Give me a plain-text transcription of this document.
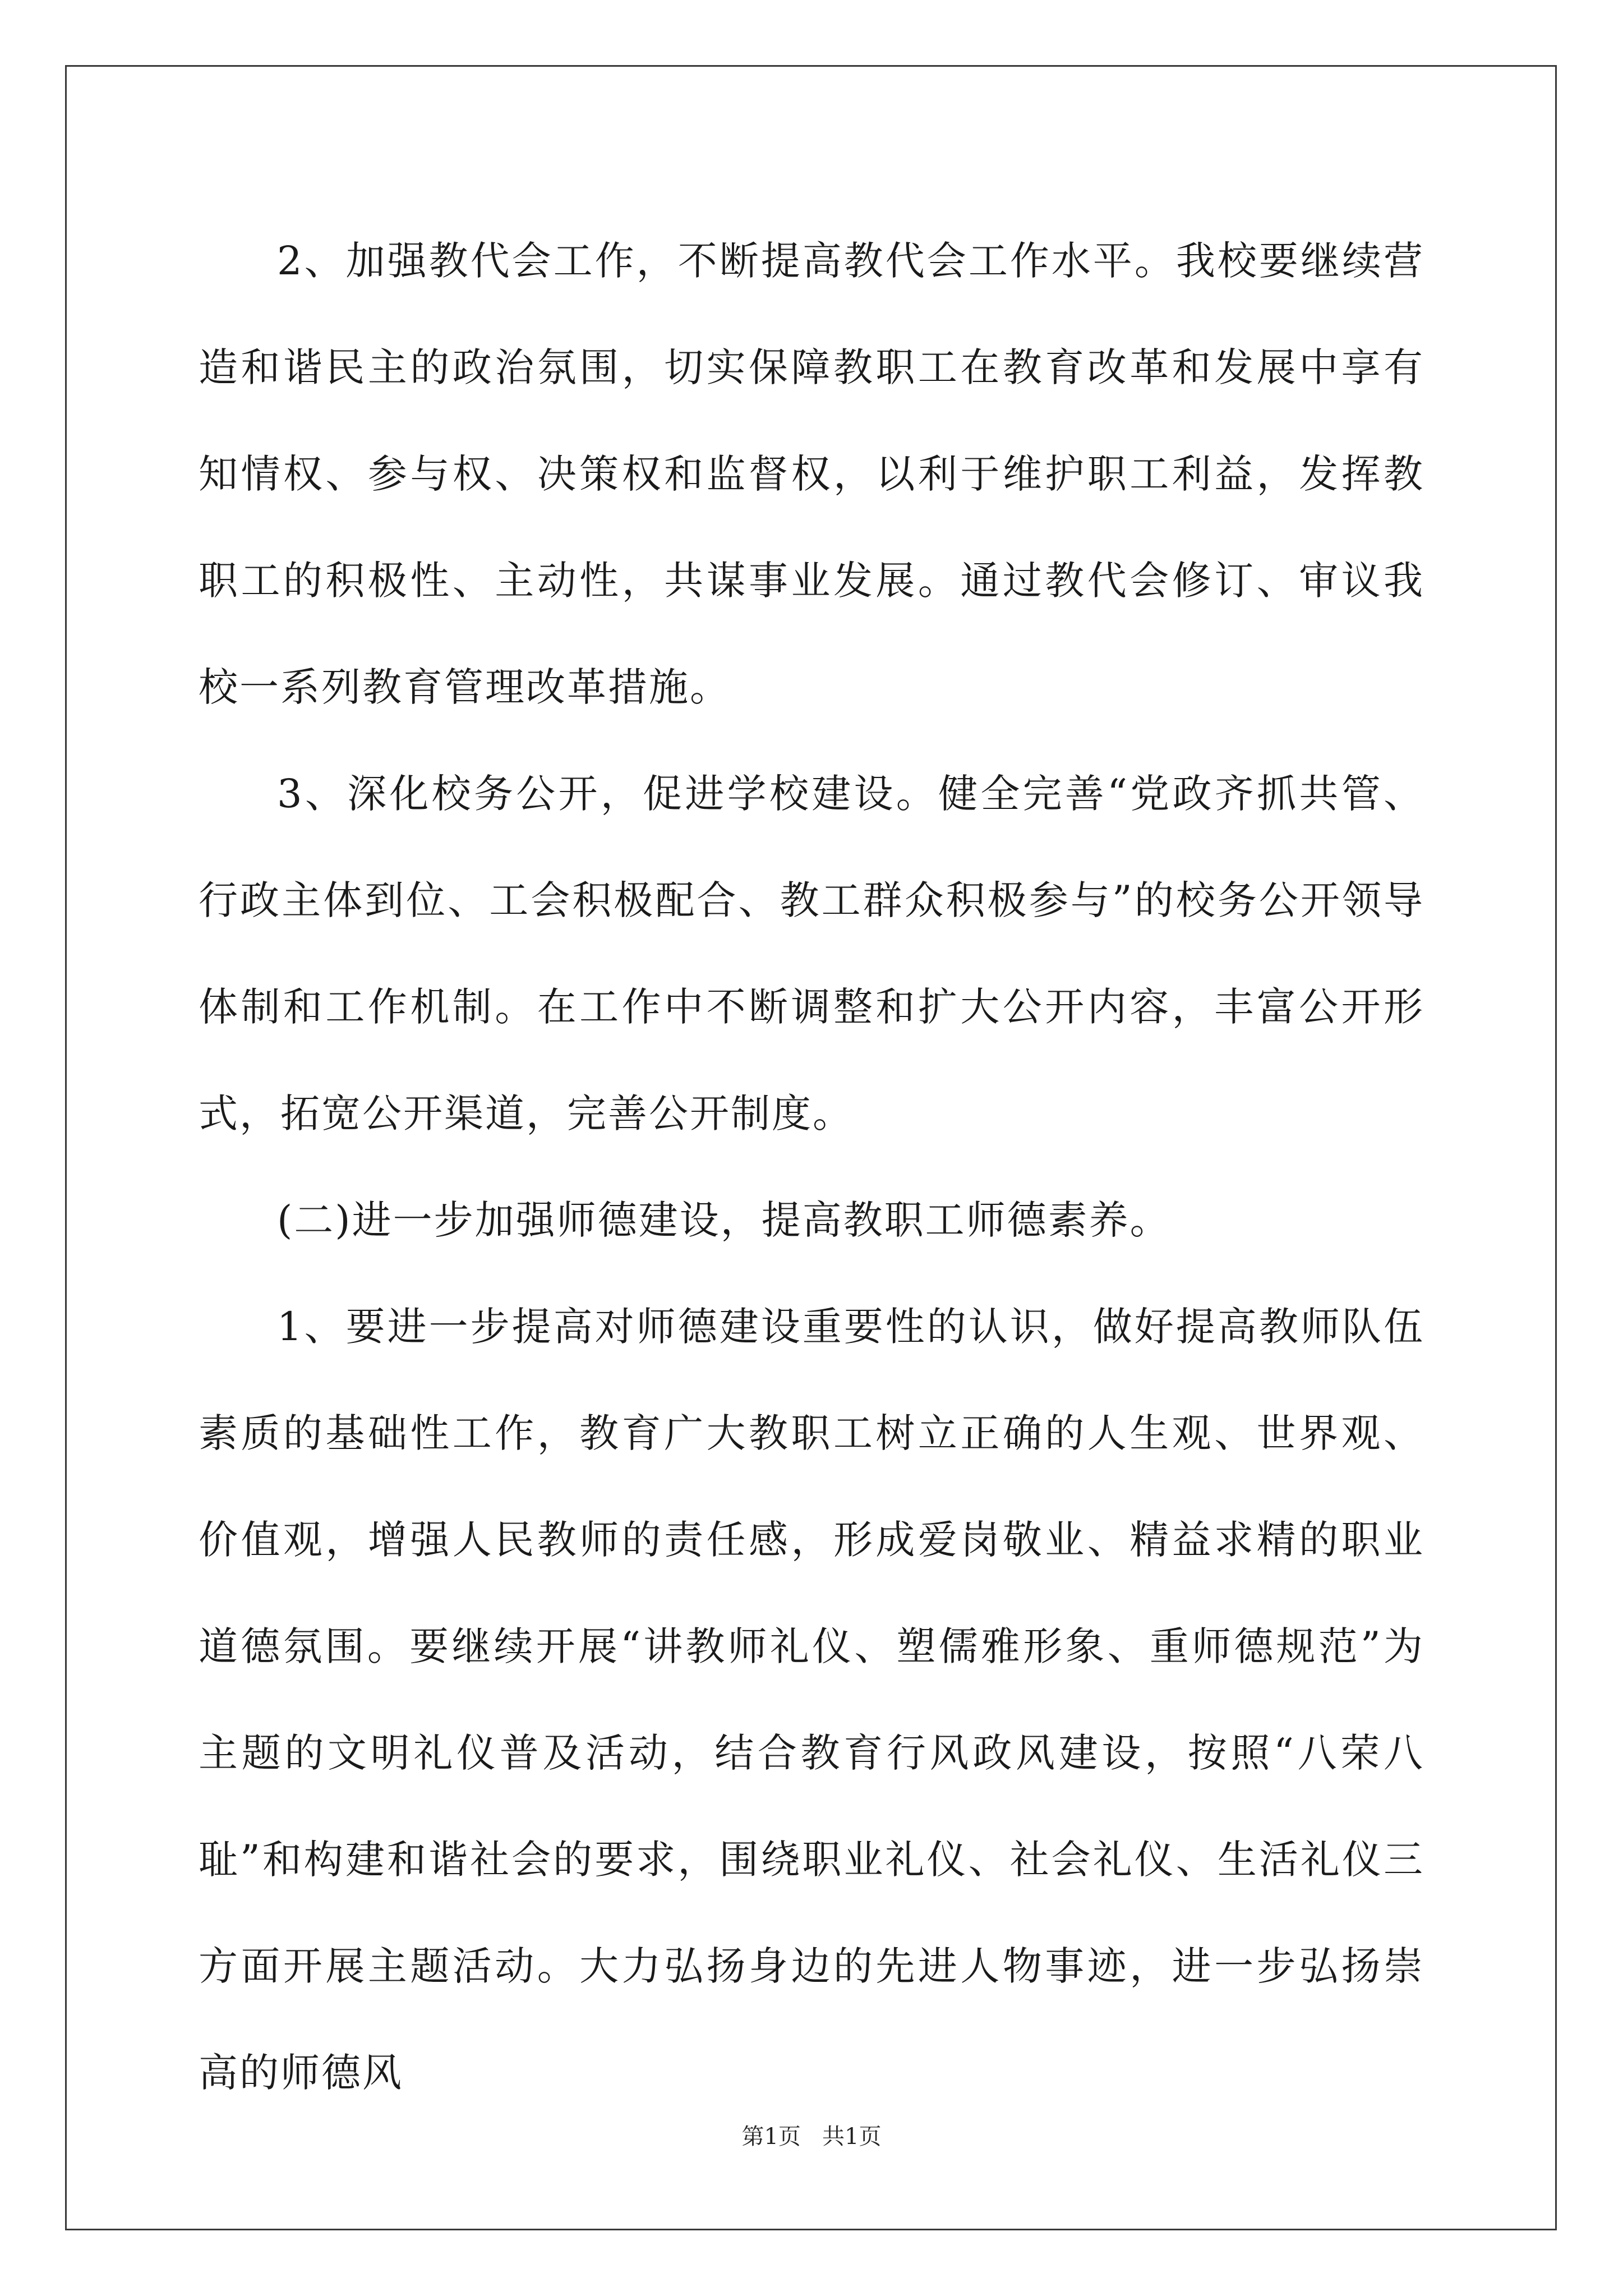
2、加强教代会工作，不断提高教代会工作水平。我校要继续营造和谐民主的政治氛围，切实保障教职工在教育改革和发展中享有知情权、参与权、决策权和监督权，以利于维护职工利益，发挥教职工的积极性、主动性，共谋事业发展。通过教代会修订、审议我校一系列教育管理改革措施。

3、深化校务公开，促进学校建设。健全完善“党政齐抓共管、行政主体到位、工会积极配合、教工群众积极参与”的校务公开领导体制和工作机制。在工作中不断调整和扩大公开内容，丰富公开形式，拓宽公开渠道，完善公开制度。

(二)进一步加强师德建设，提高教职工师德素养。

1、要进一步提高对师德建设重要性的认识，做好提高教师队伍素质的基础性工作，教育广大教职工树立正确的人生观、世界观、价值观，增强人民教师的责任感，形成爱岗敬业、精益求精的职业道德氛围。要继续开展“讲教师礼仪、塑儒雅形象、重师德规范”为主题的文明礼仪普及活动，结合教育行风政风建设，按照“八荣八耻”和构建和谐社会的要求，围绕职业礼仪、社会礼仪、生活礼仪三方面开展主题活动。大力弘扬身边的先进人物事迹，进一步弘扬崇高的师德风

第1页   共1页
